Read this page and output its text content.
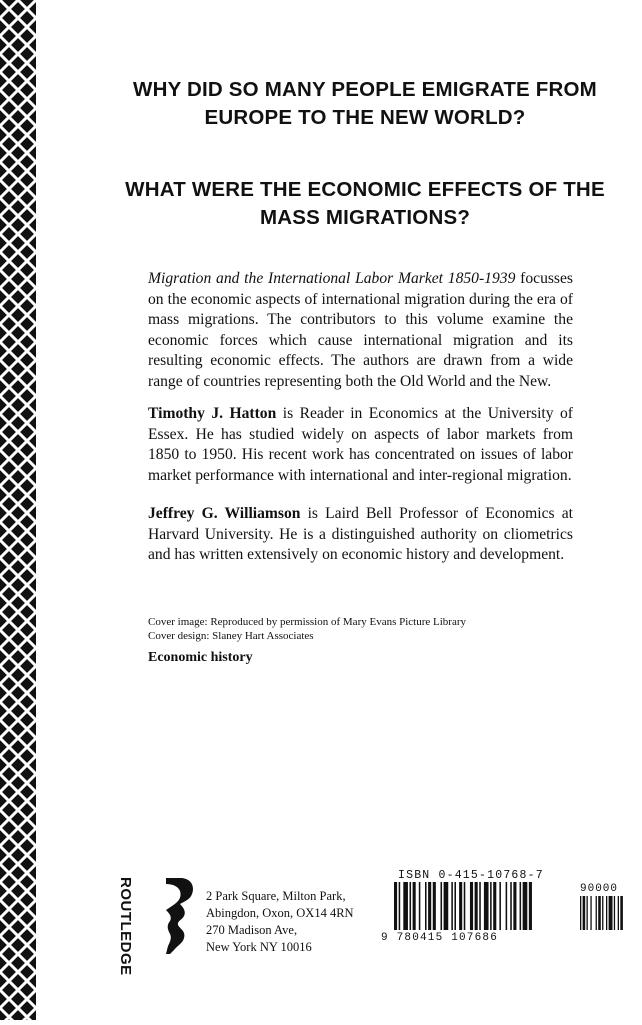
WHY DID SO MANY PEOPLE EMIGRATE FROM EUROPE TO THE NEW WORLD?
WHAT WERE THE ECONOMIC EFFECTS OF THE MASS MIGRATIONS?
Migration and the International Labor Market 1850-1939 focusses on the economic aspects of international migration during the era of mass migrations. The contributors to this volume examine the economic forces which cause international migration and its resulting economic effects. The authors are drawn from a wide range of countries representing both the Old World and the New.
Timothy J. Hatton is Reader in Economics at the University of Essex. He has studied widely on aspects of labor markets from 1850 to 1950. His recent work has concentrated on issues of labor market performance with international and inter-regional migration.
Jeffrey G. Williamson is Laird Bell Professor of Economics at Harvard University. He is a distinguished authority on cliometrics and has written extensively on economic history and development.
Cover image: Reproduced by permission of Mary Evans Picture Library
Cover design: Slaney Hart Associates
Economic history
ROUTLEDGE	2 Park Square, Milton Park,
Abingdon, Oxon, OX14 4RN
270 Madison Ave,
New York NY 10016
ISBN 0-415-10768-7
90000
9 780415 107686
